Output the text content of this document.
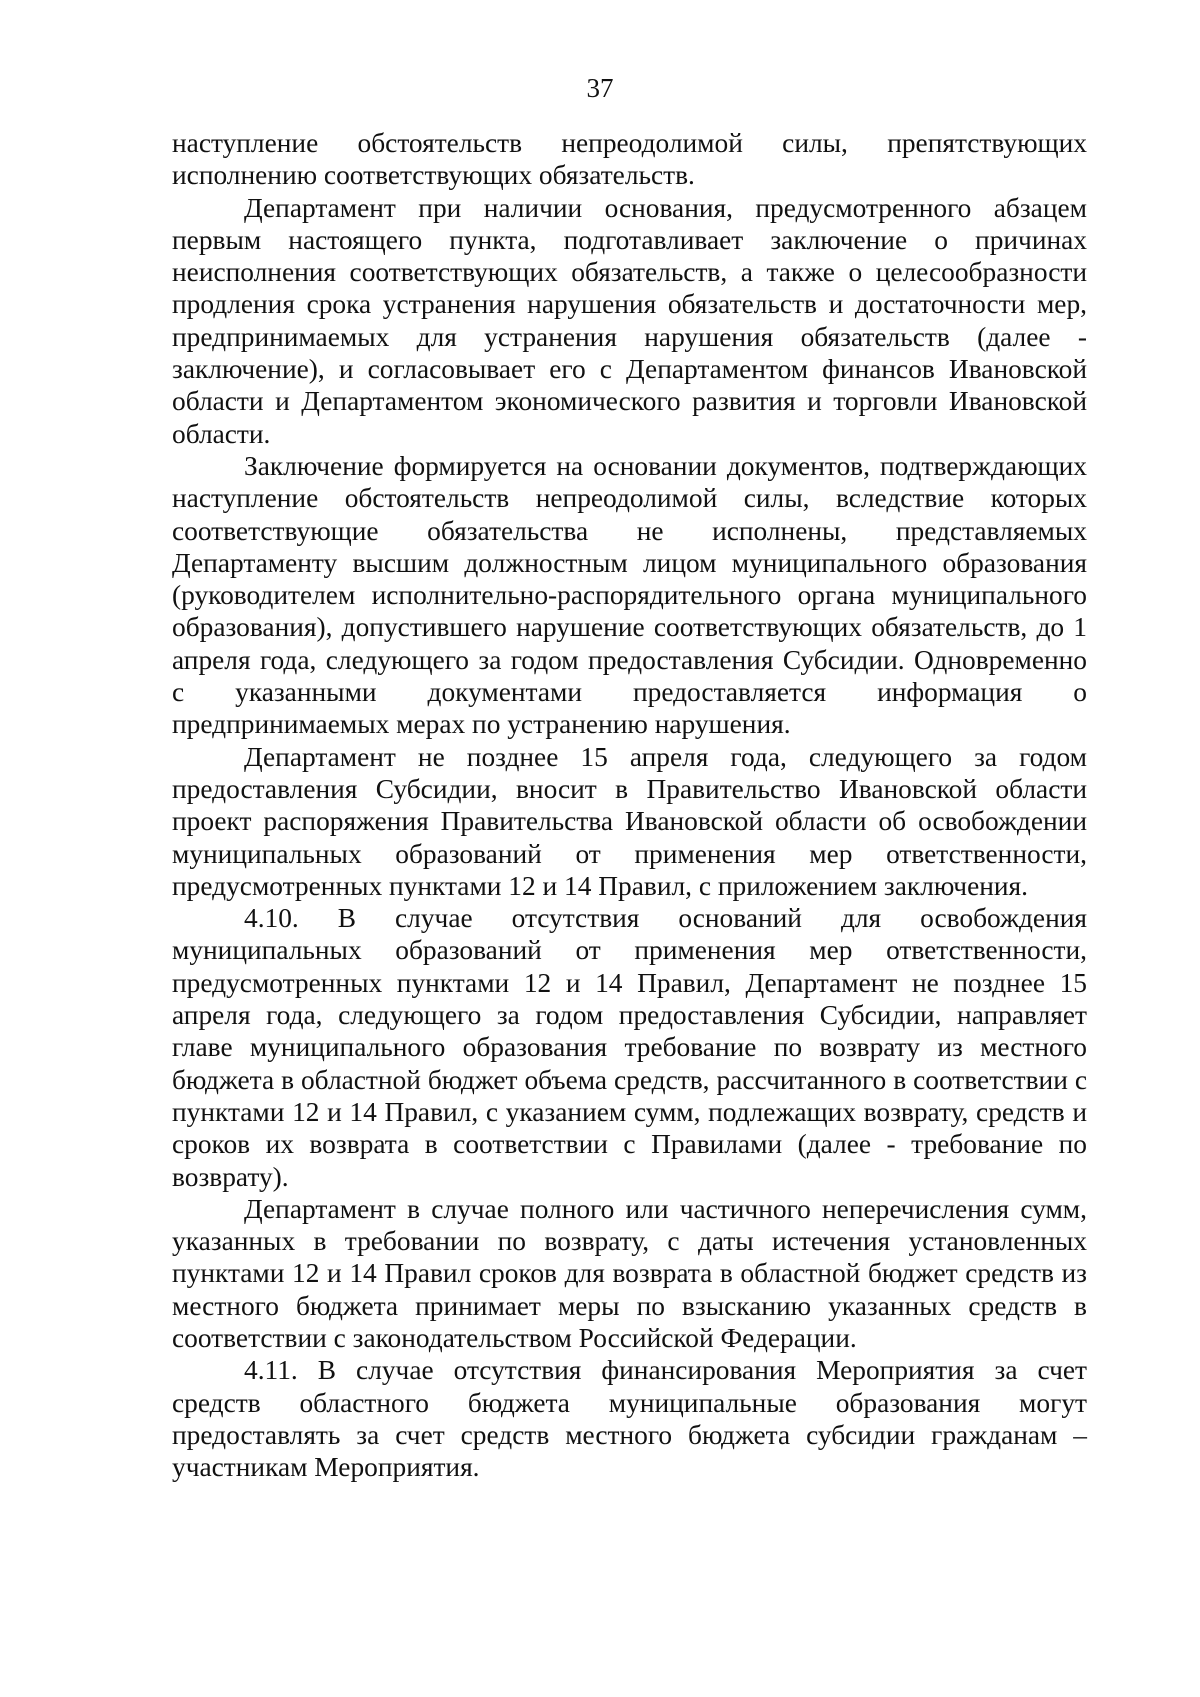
37

наступление обстоятельств непреодолимой силы, препятствующих исполнению соответствующих обязательств.

Департамент при наличии основания, предусмотренного абзацем первым настоящего пункта, подготавливает заключение о причинах неисполнения соответствующих обязательств, а также о целесообразности продления срока устранения нарушения обязательств и достаточности мер, предпринимаемых для устранения нарушения обязательств (далее - заключение), и согласовывает его с Департаментом финансов Ивановской области и Департаментом экономического развития и торговли Ивановской области.

Заключение формируется на основании документов, подтверждающих наступление обстоятельств непреодолимой силы, вследствие которых соответствующие обязательства не исполнены, представляемых Департаменту высшим должностным лицом муниципального образования (руководителем исполнительно-распорядительного органа муниципального образования), допустившего нарушение соответствующих обязательств, до 1 апреля года, следующего за годом предоставления Субсидии. Одновременно с указанными документами предоставляется информация о предпринимаемых мерах по устранению нарушения.

Департамент не позднее 15 апреля года, следующего за годом предоставления Субсидии, вносит в Правительство Ивановской области проект распоряжения Правительства Ивановской области об освобождении муниципальных образований от применения мер ответственности, предусмотренных пунктами 12 и 14 Правил, с приложением заключения.

4.10. В случае отсутствия оснований для освобождения муниципальных образований от применения мер ответственности, предусмотренных пунктами 12 и 14 Правил, Департамент не позднее 15 апреля года, следующего за годом предоставления Субсидии, направляет главе муниципального образования требование по возврату из местного бюджета в областной бюджет объема средств, рассчитанного в соответствии с пунктами 12 и 14 Правил, с указанием сумм, подлежащих возврату, средств и сроков их возврата в соответствии с Правилами (далее - требование по возврату).

Департамент в случае полного или частичного неперечисления сумм, указанных в требовании по возврату, с даты истечения установленных пунктами 12 и 14 Правил сроков для возврата в областной бюджет средств из местного бюджета принимает меры по взысканию указанных средств в соответствии с законодательством Российской Федерации.

4.11. В случае отсутствия финансирования Мероприятия за счет средств областного бюджета муниципальные образования могут предоставлять за счет средств местного бюджета субсидии гражданам – участникам Мероприятия.
